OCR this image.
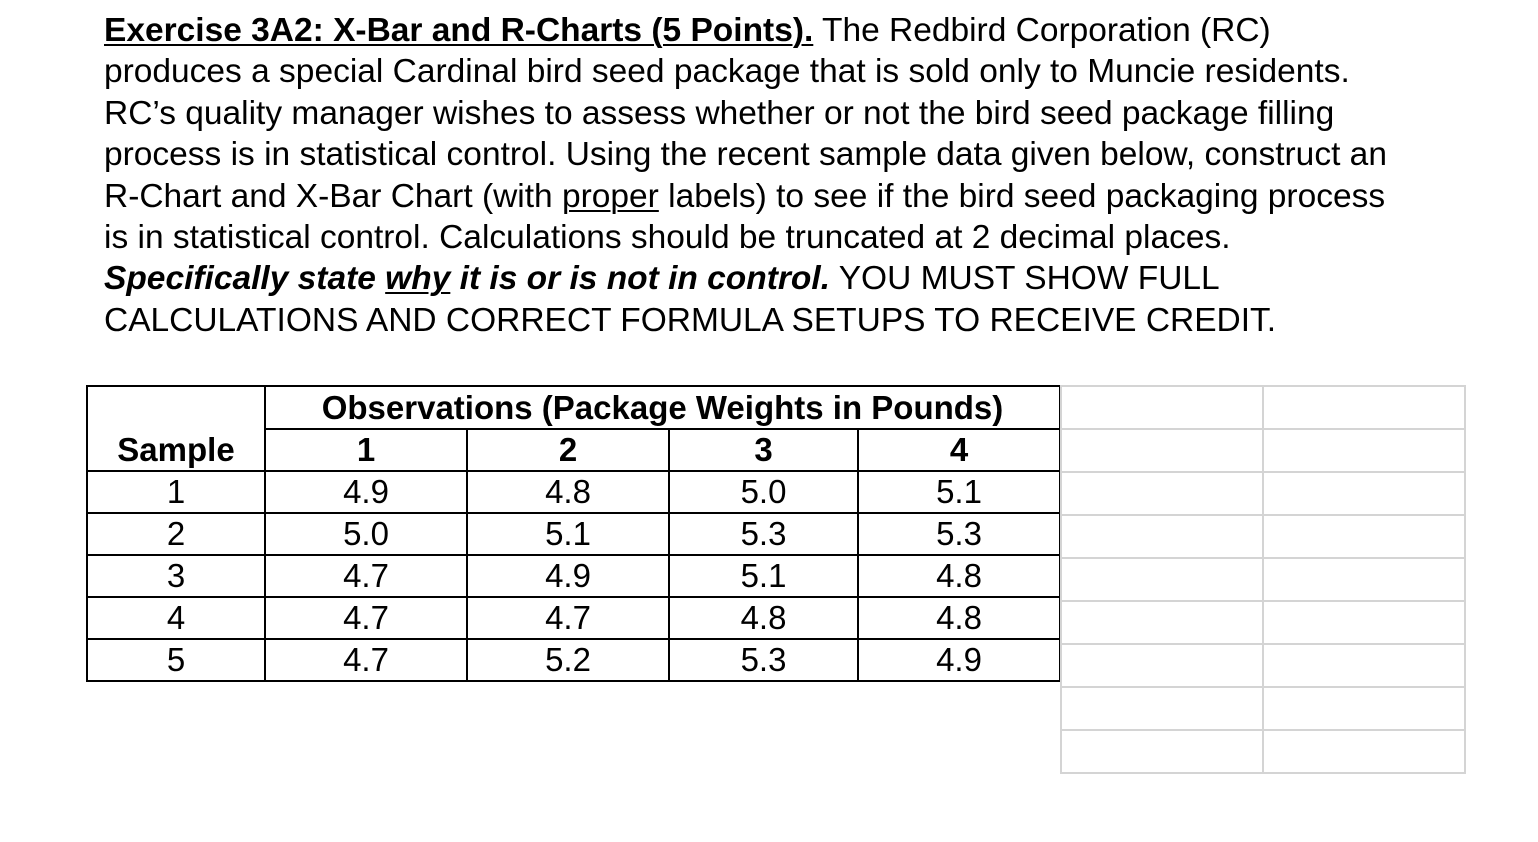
Exercise 3A2: X-Bar and R-Charts (5 Points). The Redbird Corporation (RC)
produces a special Cardinal bird seed package that is sold only to Muncie residents.
RC’s quality manager wishes to assess whether or not the bird seed package filling
process is in statistical control. Using the recent sample data given below, construct an
R-Chart and X-Bar Chart (with proper labels) to see if the bird seed packaging process
is in statistical control. Calculations should be truncated at 2 decimal places.
Specifically state why it is or is not in control. YOU MUST SHOW FULL
CALCULATIONS AND CORRECT FORMULA SETUPS TO RECEIVE CREDIT.
Sample	Observations (Package Weights in Pounds)			
	1	2	3	4
1	4.9	4.8	5.0	5.1
2	5.0	5.1	5.3	5.3
3	4.7	4.9	5.1	4.8
4	4.7	4.7	4.8	4.8
5	4.7	5.2	5.3	4.9
